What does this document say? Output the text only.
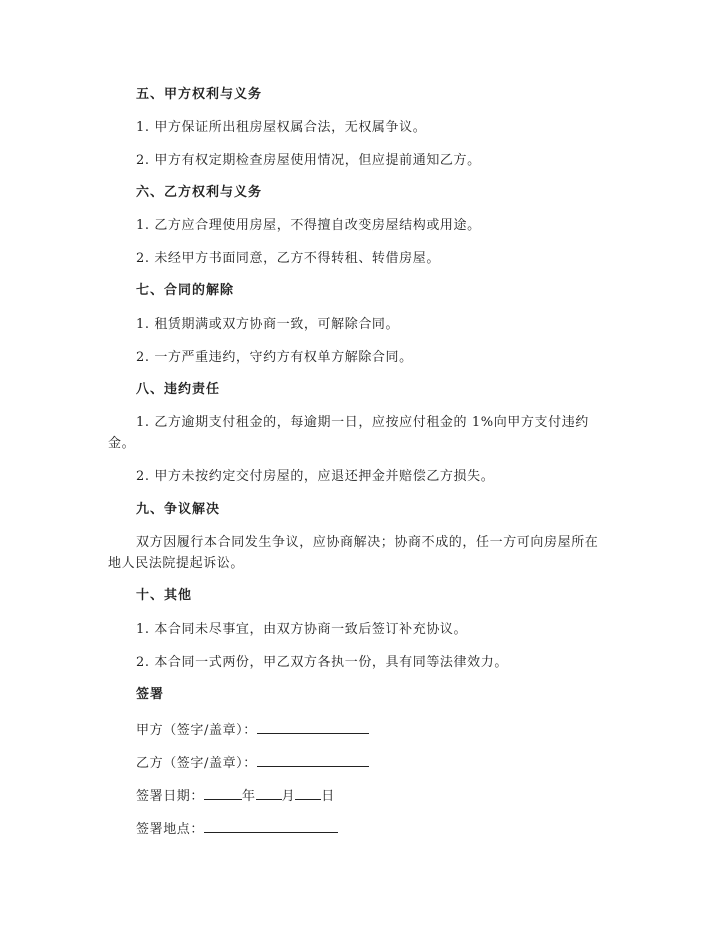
五、甲方权利与义务
1. 甲方保证所出租房屋权属合法，无权属争议。
2. 甲方有权定期检查房屋使用情况，但应提前通知乙方。
六、乙方权利与义务
1. 乙方应合理使用房屋，不得擅自改变房屋结构或用途。
2. 未经甲方书面同意，乙方不得转租、转借房屋。
七、合同的解除
1. 租赁期满或双方协商一致，可解除合同。
2. 一方严重违约，守约方有权单方解除合同。
八、违约责任
1. 乙方逾期支付租金的，每逾期一日，应按应付租金的 1%向甲方支付违约
金。
2. 甲方未按约定交付房屋的，应退还押金并赔偿乙方损失。
九、争议解决
双方因履行本合同发生争议，应协商解决；协商不成的，任一方可向房屋所在
地人民法院提起诉讼。
十、其他
1. 本合同未尽事宜，由双方协商一致后签订补充协议。
2. 本合同一式两份，甲乙双方各执一份，具有同等法律效力。
签署
甲方（签字/盖章）：
乙方（签字/盖章）：
签署日期：	年 月 日
签署地点：
